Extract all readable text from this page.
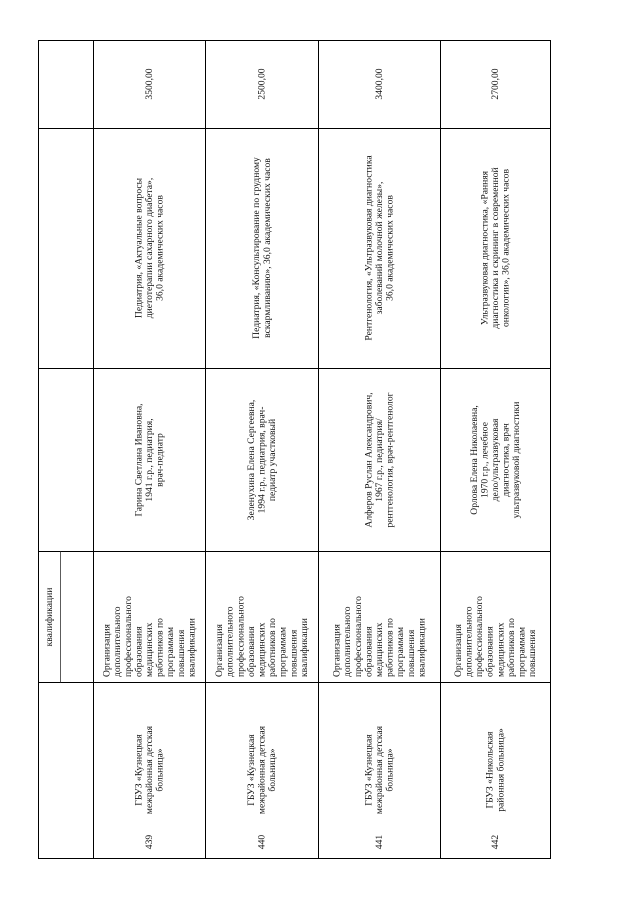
квалификации
439
ГБУЗ «Кузнецкая межрайонная детская больница»
Организация дополнительного профессионального образования медицинских работников по программам повышения квалификации
Гарина Светлана Ивановна, 1941 г.р., педиатрия, врач-педиатр
Педиатрия, «Актуальные вопросы диетотерапии сахарного диабета», 36,0 академических часов
3500,00
440
ГБУЗ «Кузнецкая межрайонная детская больница»
Организация дополнительного профессионального образования медицинских работников по программам повышения квалификации
Зеленухина Елена Сергеевна, 1994 г.р., педиатрия, врач- педиатр участковый
Педиатрия, «Консультирование по грудному вскармливанию», 36,0 академических часов
2500,00
441
ГБУЗ «Кузнецкая межрайонная детская больница»
Организация дополнительного профессионального образования медицинских работников по программам повышения квалификации
Алферов Руслан Александрович, 1967 г.р., педиатрия/ рентгенология, врач-рентгенолог
Рентгенология, «Ультразвуковая диагностика заболеваний молочной железы», 36,0 академических часов
3400,00
442
ГБУЗ «Никольская районная больница»
Организация дополнительного профессионального образования медицинских работников по программам повышения
Орлова Елена Николаевна, 1970 г.р., лечебное дело/ультразвуковая диагностика, врач ультразвуковой диагностики
Ультразвуковая диагностика, «Ранняя диагностика и скрининг в современной онкологии», 36,0 академических часов
2700,00
